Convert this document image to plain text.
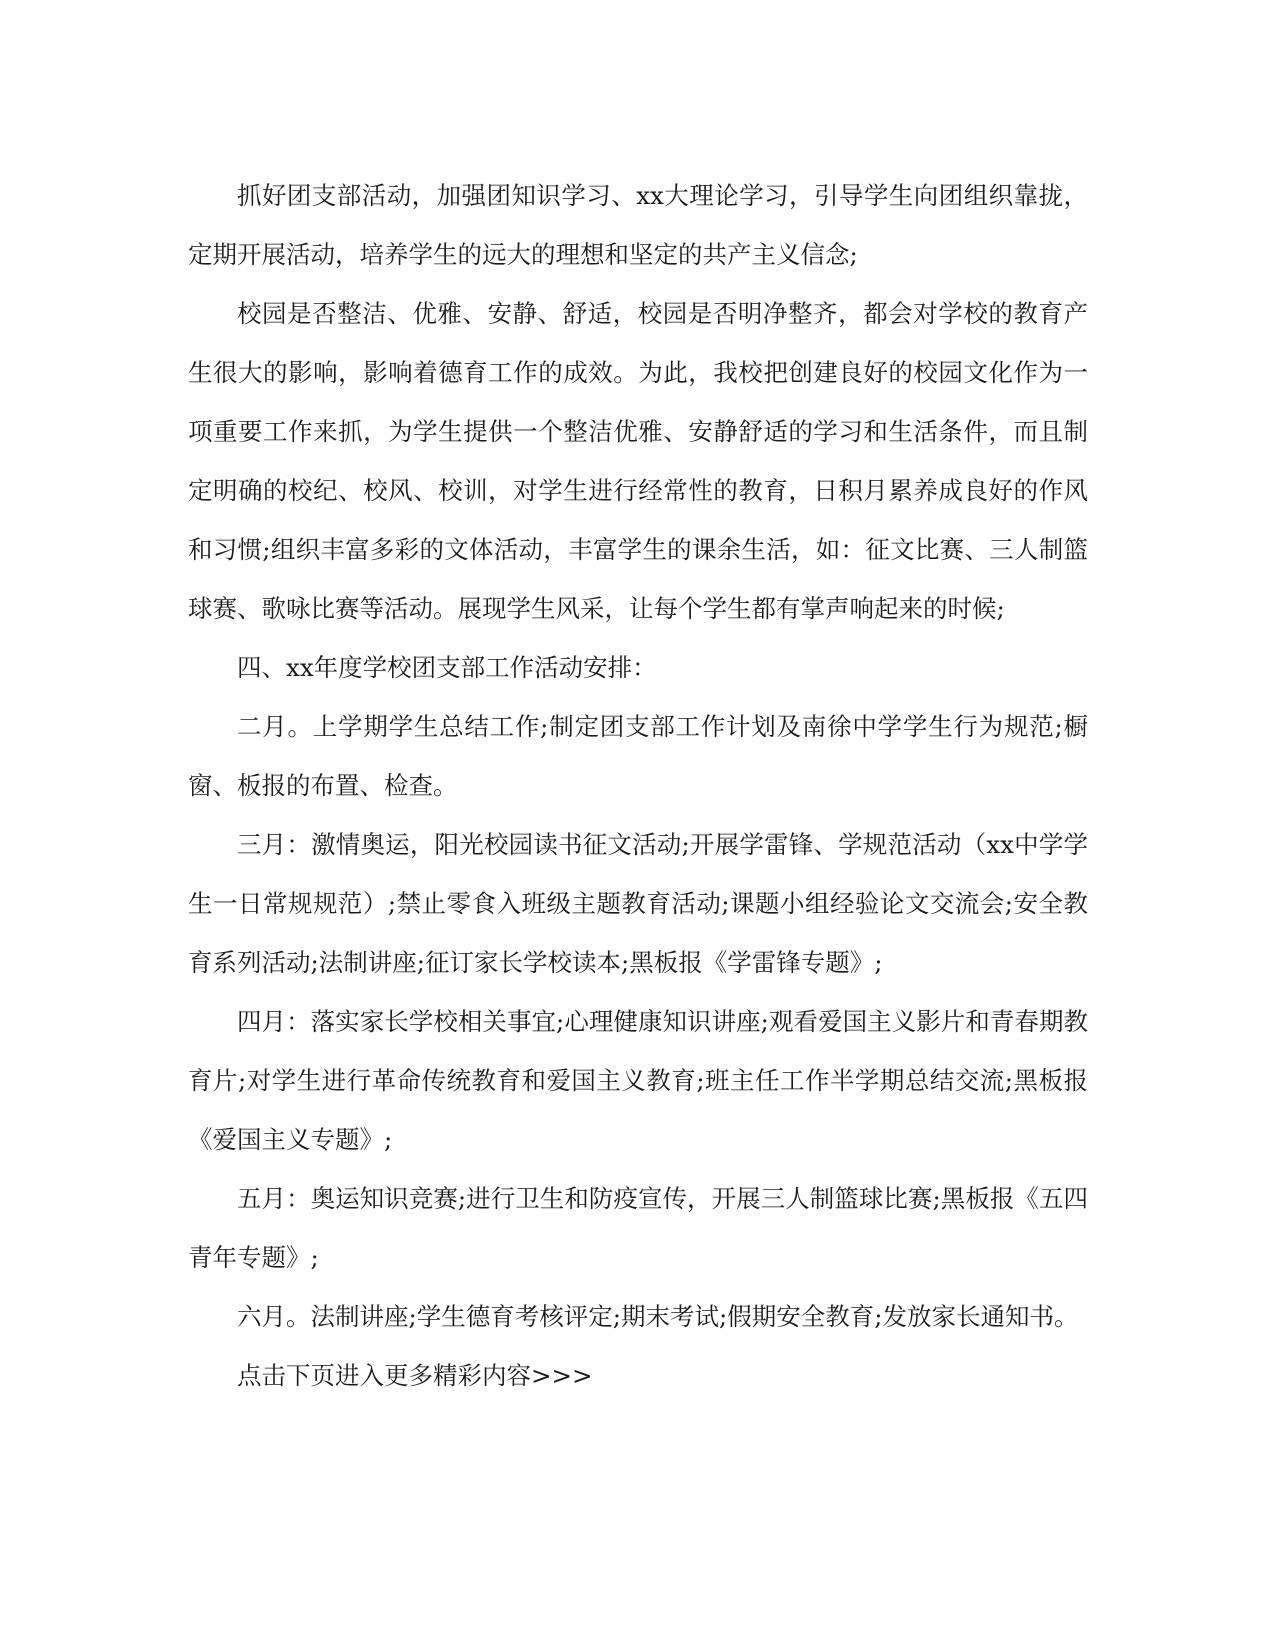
抓好团支部活动，加强团知识学习、xx大理论学习，引导学生向团组织靠拢，定期开展活动，培养学生的远大的理想和坚定的共产主义信念;

校园是否整洁、优雅、安静、舒适，校园是否明净整齐，都会对学校的教育产生很大的影响，影响着德育工作的成效。为此，我校把创建良好的校园文化作为一项重要工作来抓，为学生提供一个整洁优雅、安静舒适的学习和生活条件，而且制定明确的校纪、校风、校训，对学生进行经常性的教育，日积月累养成良好的作风和习惯;组织丰富多彩的文体活动，丰富学生的课余生活，如：征文比赛、三人制篮球赛、歌咏比赛等活动。展现学生风采，让每个学生都有掌声响起来的时候;

四、xx年度学校团支部工作活动安排：

二月。上学期学生总结工作;制定团支部工作计划及南徐中学学生行为规范;橱窗、板报的布置、检查。

三月：激情奥运，阳光校园读书征文活动;开展学雷锋、学规范活动（xx中学学生一日常规规范）;禁止零食入班级主题教育活动;课题小组经验论文交流会;安全教育系列活动;法制讲座;征订家长学校读本;黑板报《学雷锋专题》;

四月：落实家长学校相关事宜;心理健康知识讲座;观看爱国主义影片和青春期教育片;对学生进行革命传统教育和爱国主义教育;班主任工作半学期总结交流;黑板报《爱国主义专题》;

五月：奥运知识竞赛;进行卫生和防疫宣传，开展三人制篮球比赛;黑板报《五四青年专题》;

六月。法制讲座;学生德育考核评定;期末考试;假期安全教育;发放家长通知书。

点击下页进入更多精彩内容>>>
